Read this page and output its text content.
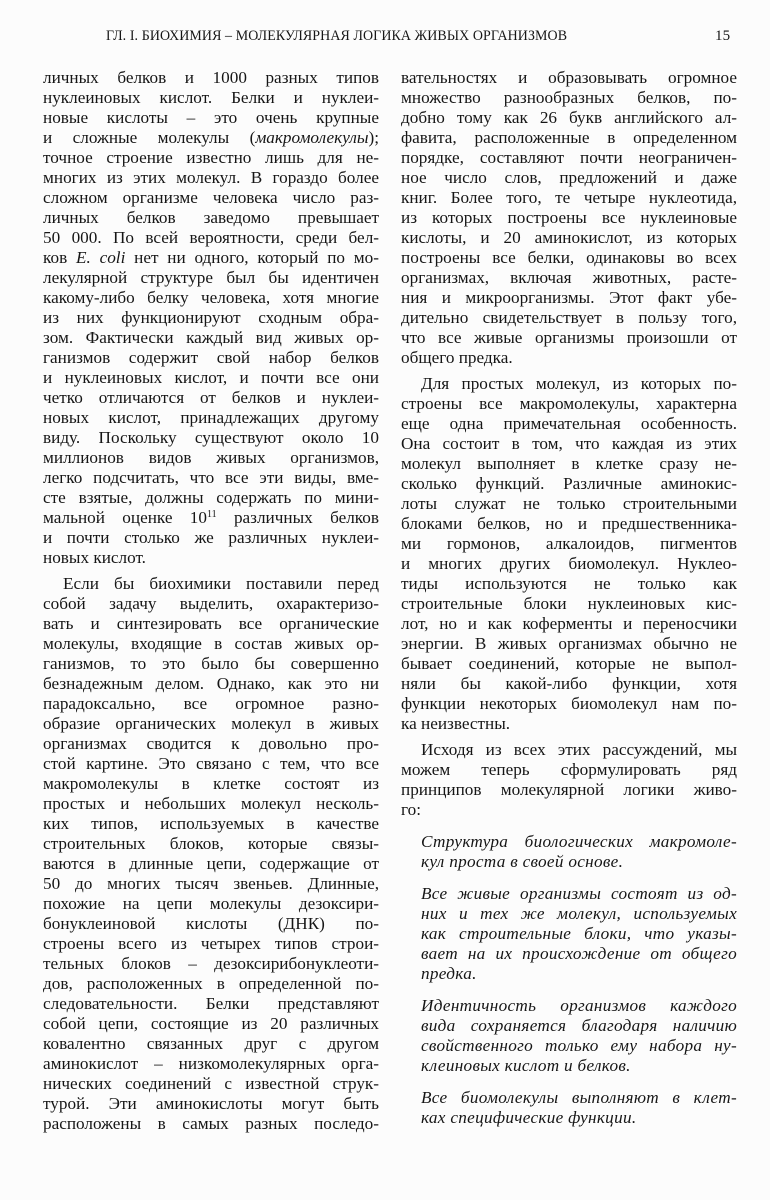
ГЛ. I. БИОХИМИЯ – МОЛЕКУЛЯРНАЯ ЛОГИКА ЖИВЫХ ОРГАНИЗМОВ	15
личных белков и 1000 разных типов
нуклеиновых кислот. Белки и нуклеи-
новые кислоты – это очень крупные
и сложные молекулы (макромолекулы);
точное строение известно лишь для не-
многих из этих молекул. В гораздо более
сложном организме человека число раз-
личных белков заведомо превышает
50 000. По всей вероятности, среди бел-
ков E. coli нет ни одного, который по мо-
лекулярной структуре был бы идентичен
какому-либо белку человека, хотя многие
из них функционируют сходным обра-
зом. Фактически каждый вид живых ор-
ганизмов содержит свой набор белков
и нуклеиновых кислот, и почти все они
четко отличаются от белков и нуклеи-
новых кислот, принадлежащих другому
виду. Поскольку существуют около 10
миллионов видов живых организмов,
легко подсчитать, что все эти виды, вме-
сте взятые, должны содержать по мини-
мальной оценке $10^{11}$ различных белков
и почти столько же различных нуклеи-
новых кислот.
Если бы биохимики поставили перед
собой задачу выделить, охарактеризо-
вать и синтезировать все органические
молекулы, входящие в состав живых ор-
ганизмов, то это было бы совершенно
безнадежным делом. Однако, как это ни
парадоксально, все огромное разно-
образие органических молекул в живых
организмах сводится к довольно про-
стой картине. Это связано с тем, что все
макромолекулы в клетке состоят из
простых и небольших молекул несколь-
ких типов, используемых в качестве
строительных блоков, которые связы-
ваются в длинные цепи, содержащие от
50 до многих тысяч звеньев. Длинные,
похожие на цепи молекулы дезоксири-
бонуклеиновой кислоты (ДНК) по-
строены всего из четырех типов строи-
тельных блоков – дезоксирибонуклеоти-
дов, расположенных в определенной по-
следовательности. Белки представляют
собой цепи, состоящие из 20 различных
ковалентно связанных друг с другом
аминокислот – низкомолекулярных орга-
нических соединений с известной струк-
турой. Эти аминокислоты могут быть
расположены в самых разных последо-
вательностях и образовывать огромное
множество разнообразных белков, по-
добно тому как 26 букв английского ал-
фавита, расположенные в определенном
порядке, составляют почти неограничен-
ное число слов, предложений и даже
книг. Более того, те четыре нуклеотида,
из которых построены все нуклеиновые
кислоты, и 20 аминокислот, из которых
построены все белки, одинаковы во всех
организмах, включая животных, расте-
ния и микроорганизмы. Этот факт убе-
дительно свидетельствует в пользу того,
что все живые организмы произошли от
общего предка.
Для простых молекул, из которых по-
строены все макромолекулы, характерна
еще одна примечательная особенность.
Она состоит в том, что каждая из этих
молекул выполняет в клетке сразу не-
сколько функций. Различные аминокис-
лоты служат не только строительными
блоками белков, но и предшественника-
ми гормонов, алкалоидов, пигментов
и многих других биомолекул. Нуклео-
тиды используются не только как
строительные блоки нуклеиновых кис-
лот, но и как коферменты и переносчики
энергии. В живых организмах обычно не
бывает соединений, которые не выпол-
няли бы какой-либо функции, хотя
функции некоторых биомолекул нам по-
ка неизвестны.
Исходя из всех этих рассуждений, мы
можем теперь сформулировать ряд
принципов молекулярной логики живо-
го:
Структура биологических макромоле-
кул проста в своей основе.
Все живые организмы состоят из од-
них и тех же молекул, используемых
как строительные блоки, что указы-
вает на их происхождение от общего
предка.
Идентичность организмов каждого
вида сохраняется благодаря наличию
свойственного только ему набора ну-
клеиновых кислот и белков.
Все биомолекулы выполняют в клет-
ках специфические функции.
